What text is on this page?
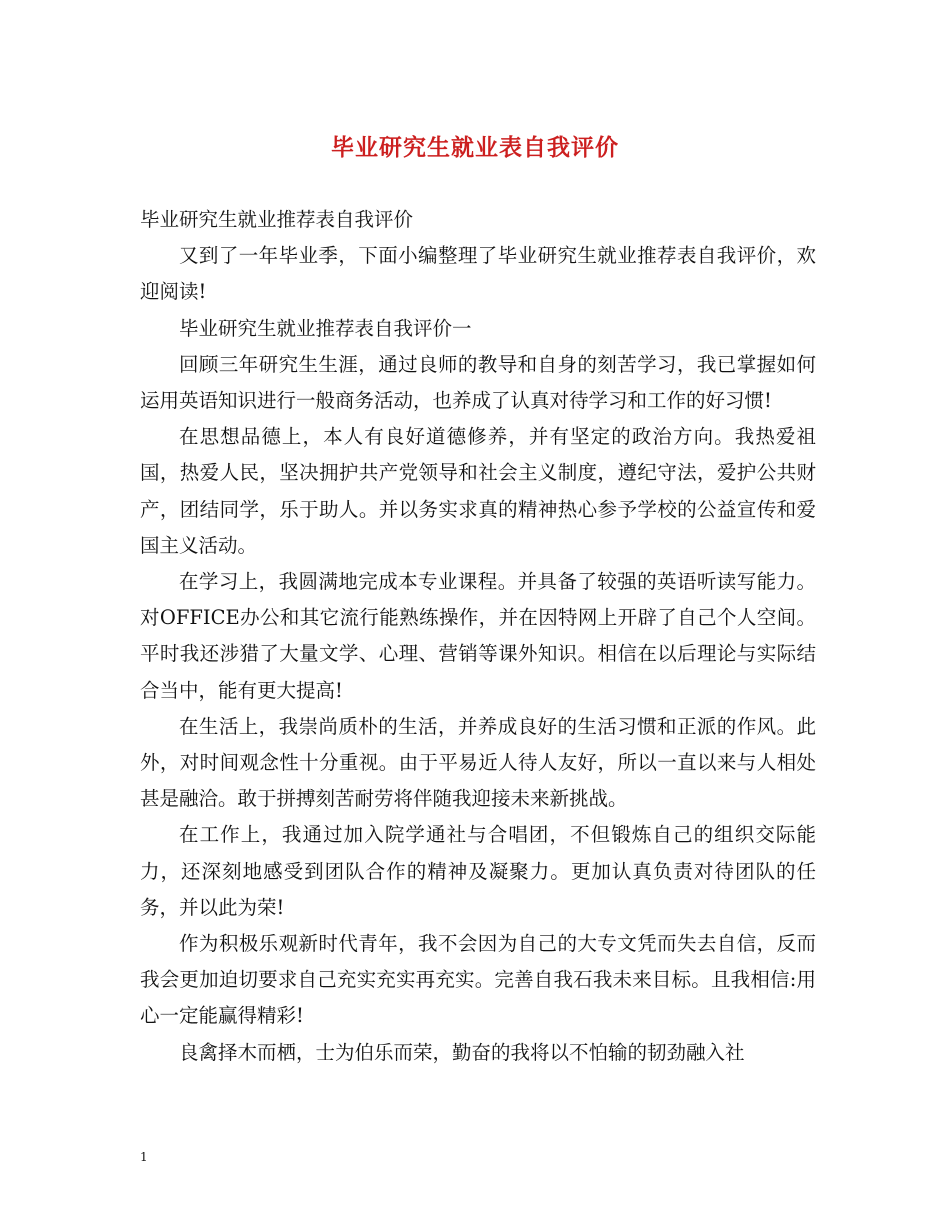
毕业研究生就业表自我评价

毕业研究生就业推荐表自我评价

又到了一年毕业季，下面小编整理了毕业研究生就业推荐表自我评价，欢迎阅读!

毕业研究生就业推荐表自我评价一

回顾三年研究生生涯，通过良师的教导和自身的刻苦学习，我已掌握如何运用英语知识进行一般商务活动，也养成了认真对待学习和工作的好习惯!

在思想品德上，本人有良好道德修养，并有坚定的政治方向。我热爱祖国，热爱人民，坚决拥护共产党领导和社会主义制度，遵纪守法，爱护公共财产，团结同学，乐于助人。并以务实求真的精神热心参予学校的公益宣传和爱国主义活动。

在学习上，我圆满地完成本专业课程。并具备了较强的英语听读写能力。对OFFICE办公和其它流行能熟练操作，并在因特网上开辟了自己个人空间。平时我还涉猎了大量文学、心理、营销等课外知识。相信在以后理论与实际结合当中，能有更大提高!

在生活上，我崇尚质朴的生活，并养成良好的生活习惯和正派的作风。此外，对时间观念性十分重视。由于平易近人待人友好，所以一直以来与人相处甚是融洽。敢于拼搏刻苦耐劳将伴随我迎接未来新挑战。

在工作上，我通过加入院学通社与合唱团，不但锻炼自己的组织交际能力，还深刻地感受到团队合作的精神及凝聚力。更加认真负责对待团队的任务，并以此为荣!

作为积极乐观新时代青年，我不会因为自己的大专文凭而失去自信，反而我会更加迫切要求自己充实充实再充实。完善自我石我未来目标。且我相信:用心一定能赢得精彩!

良禽择木而栖，士为伯乐而荣，勤奋的我将以不怕输的韧劲融入社

1
